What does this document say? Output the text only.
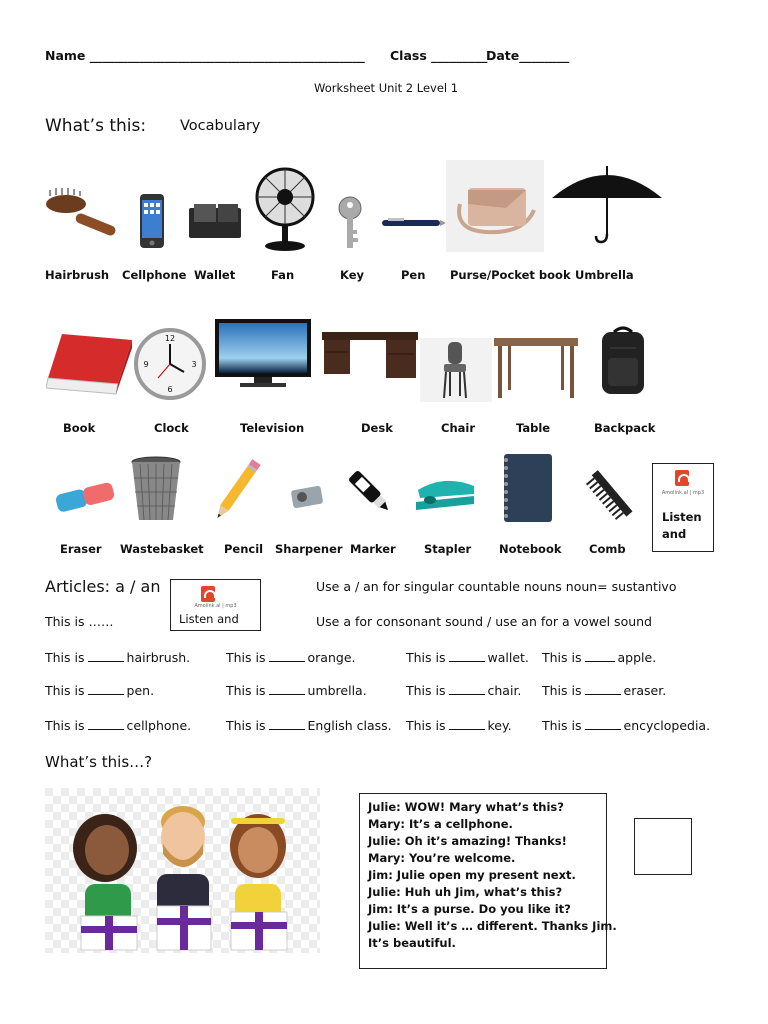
Name ____________________________________________ Class _________
Date________
Worksheet Unit 2 Level 1
What’s this: Vocabulary
Hairbrush Cellphone Wallet	Fan	Key	Pen Purse/Pocket book Umbrella
12
3
6
9
Book	Clock	Television	Desk	Chair	Table	Backpack
Amolink.al | mp3
Listen
and
Eraser Wastebasket Pencil Sharpener Marker Stapler Notebook Comb
Articles: a / an
This is ……
Amolink.al | mp3
Listen and
Use a / an for singular countable nouns noun= sustantivo
Use a for consonant sound / use an for a vowel sound
This is	hairbrush.	This is	orange.	This is	wallet. This is	apple.
This is	pen.	This is	umbrella.	This is	chair. This is	eraser.
This is	cellphone.	This is	English class. This is	key. This is	encyclopedia.
What’s this…?
Julie: WOW! Mary what’s this?
Mary: It’s a cellphone.
Julie: Oh it’s amazing! Thanks!
Mary: You’re welcome.
Jim: Julie open my present next.
Julie: Huh uh Jim, what’s this?
Jim: It’s a purse. Do you like it?
Julie: Well it’s … different. Thanks Jim.
It’s beautiful.
